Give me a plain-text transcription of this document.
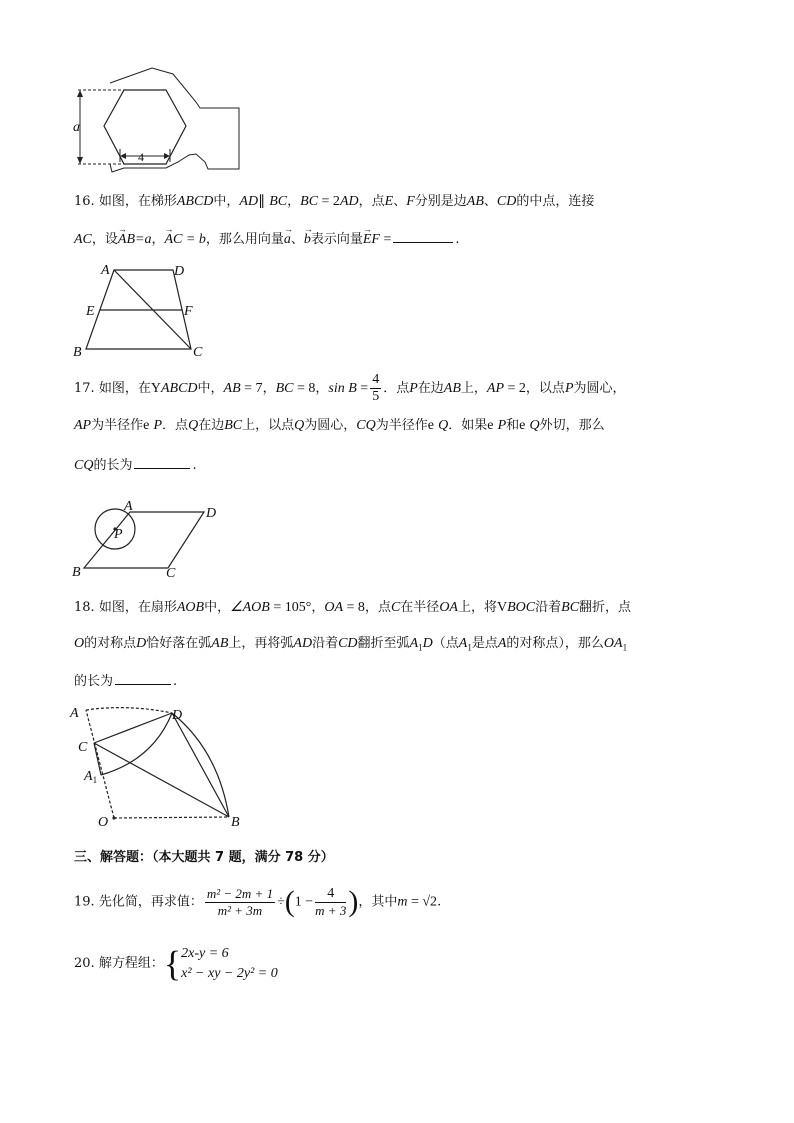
a
4
16. 如图，在梯形ABCD中，AD∥ BC，BC = 2AD，点E、F分别是边AB、CD的中点，连接
AC，设→ AB=a，→ AC = b，那么用向量→ a、→ b表示向量→ EF =	.
A	D
E	F
B	C
17. 如图，在YABCD中，AB = 7，BC = 8，$\sin B = \frac{4}{5}$ ．点P在边AB上，AP = 2，以点P为圆心，
AP为半径作e P．点Q在边BC上，以点Q为圆心，CQ为半径作e Q．如果e P和e Q外切，那么
CQ的长为	.
A	D
P
B	C
18. 如图，在扇形AOB中，∠AOB = 105°，OA = 8，点C在半径OA上，将VBOC沿着BC翻折，点
O的对称点D恰好落在弧AB上，再将弧AD沿着CD翻折至弧$A_1D$（点$A_1$是点A的对称点），那么$OA_1$
的长为	.
A	D
C
$A_1$
O	B
三、解答题：（本大题共 7 题，满分 78 分）
19. 先化简，再求值： $\frac{\text{m² − 2m + 1}}{\text{m² + 3m}} \div(1 - \frac{4}{m + 3}$ )，其中m = √2.
20. 解方程组：{ 2x-y = 6
x² − xy − 2y² = 0
